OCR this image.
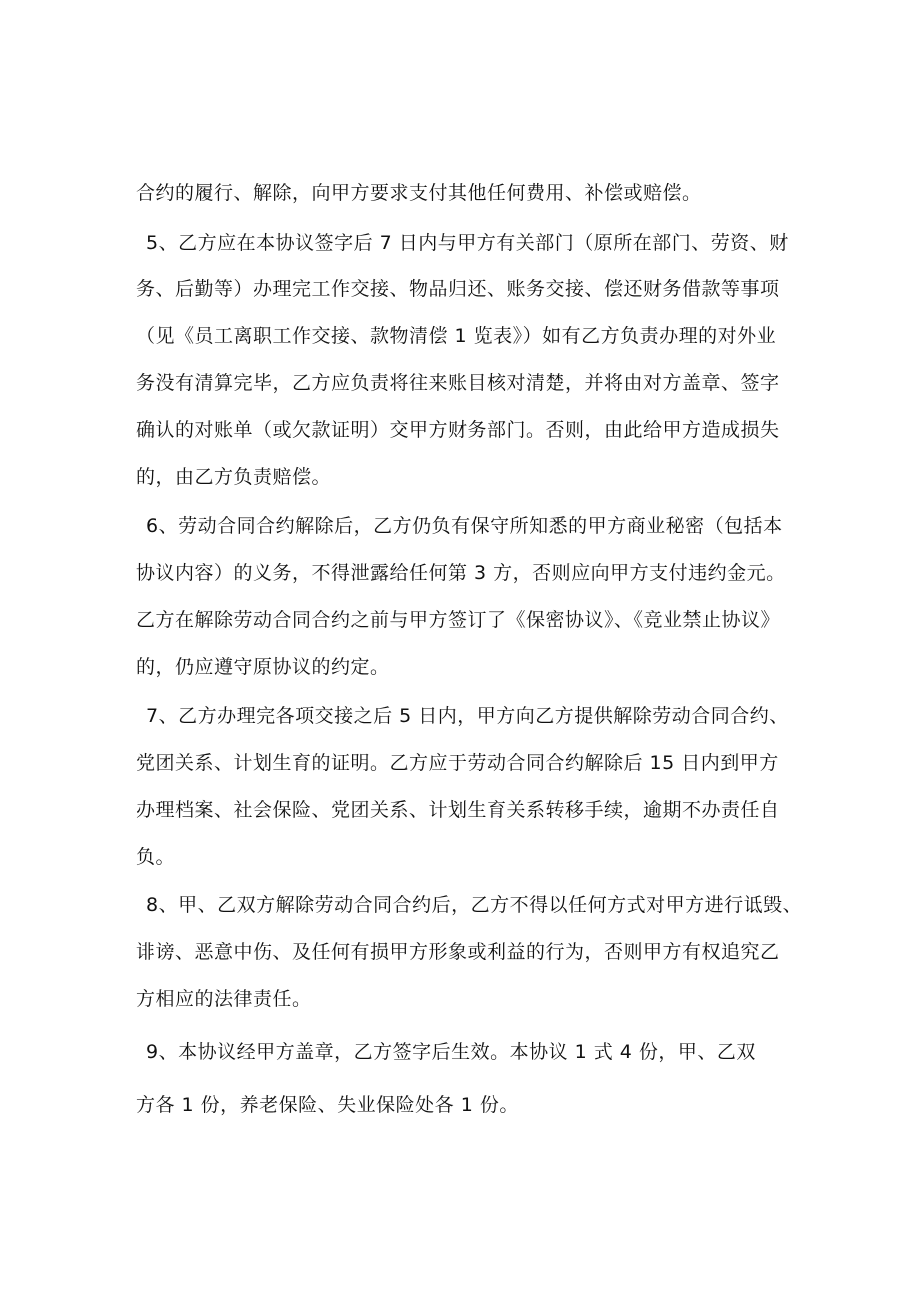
合约的履行、解除，向甲方要求支付其他任何费用、补偿或赔偿。

5、乙方应在本协议签字后 7 日内与甲方有关部门（原所在部门、劳资、财

务、后勤等）办理完工作交接、物品归还、账务交接、偿还财务借款等事项

（见《员工离职工作交接、款物清偿 1 览表》）如有乙方负责办理的对外业

务没有清算完毕，乙方应负责将往来账目核对清楚，并将由对方盖章、签字

确认的对账单（或欠款证明）交甲方财务部门。否则，由此给甲方造成损失

的，由乙方负责赔偿。

6、劳动合同合约解除后，乙方仍负有保守所知悉的甲方商业秘密（包括本

协议内容）的义务，不得泄露给任何第 3 方，否则应向甲方支付违约金元。

乙方在解除劳动合同合约之前与甲方签订了《保密协议》、《竞业禁止协议》

的，仍应遵守原协议的约定。

7、乙方办理完各项交接之后 5 日内，甲方向乙方提供解除劳动合同合约、

党团关系、计划生育的证明。乙方应于劳动合同合约解除后 15 日内到甲方

办理档案、社会保险、党团关系、计划生育关系转移手续，逾期不办责任自

负。

8、甲、乙双方解除劳动合同合约后，乙方不得以任何方式对甲方进行诋毁、

诽谤、恶意中伤、及任何有损甲方形象或利益的行为，否则甲方有权追究乙

方相应的法律责任。

9、本协议经甲方盖章，乙方签字后生效。本协议 1 式 4 份，甲、乙双

方各 1 份，养老保险、失业保险处各 1 份。
